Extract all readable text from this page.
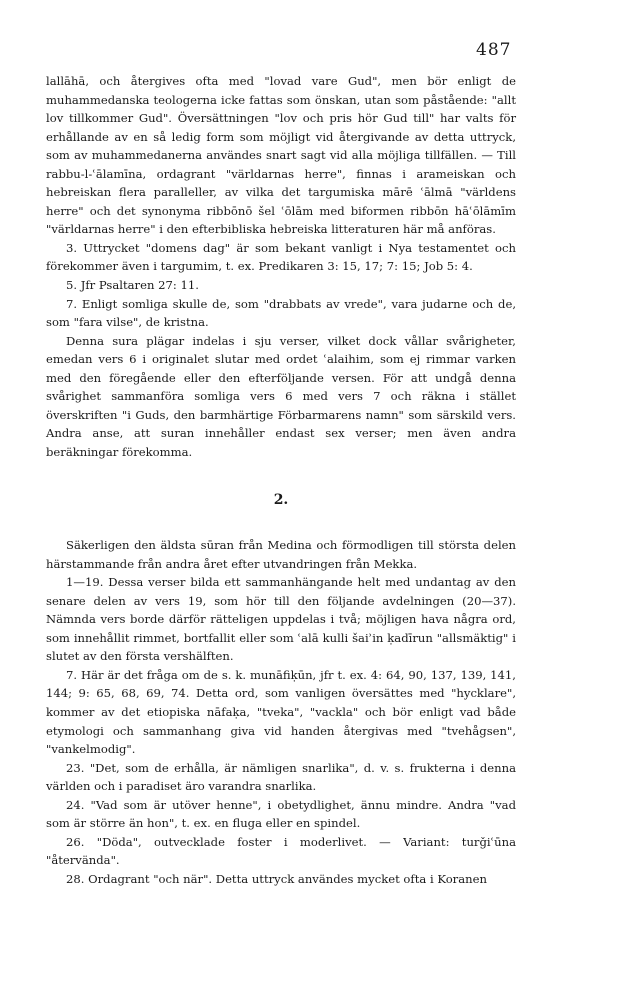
487

lallāhā, och återgives ofta med "lovad vare Gud", men bör enligt de muhammedanska teologerna icke fattas som önskan, utan som påstående: "allt lov tillkommer Gud". Översättningen "lov och pris hör Gud till" har valts för erhållande av en så ledig form som möjligt vid återgivande av detta uttryck, som av muhammedanerna användes snart sagt vid alla möjliga tillfällen. — Till rabbu-l-ʿālamīna, ordagrant "världarnas herre", finnas i arameiskan och hebreiskan flera paralleller, av vilka det targumiska mārē ʿālmā "världens herre" och det synonyma ribbōnō šel ʿōlām med biformen ribbōn hāʿōlāmīm "världarnas herre" i den efterbibliska hebreiska litteraturen här må anföras.

3. Uttrycket "domens dag" är som bekant vanligt i Nya testamentet och förekommer även i targumim, t. ex. Predikaren 3: 15, 17; 7: 15; Job 5: 4.

5. Jfr Psaltaren 27: 11.

7. Enligt somliga skulle de, som "drabbats av vrede", vara judarne och de, som "fara vilse", de kristna.

Denna sura plägar indelas i sju verser, vilket dock vållar svårigheter, emedan vers 6 i originalet slutar med ordet ʿalaihim, som ej rimmar varken med den föregående eller den efterföljande versen. För att undgå denna svårighet sammanföra somliga vers 6 med vers 7 och räkna i stället överskriften "i Guds, den barmhärtige Förbarmarens namn" som särskild vers. Andra anse, att suran innehåller endast sex verser; men även andra beräkningar förekomma.

2.

Säkerligen den äldsta sūran från Medina och förmodligen till största delen härstammande från andra året efter utvandringen från Mekka.

1—19. Dessa verser bilda ett sammanhängande helt med undantag av den senare delen av vers 19, som hör till den följande avdelningen (20—37). Nämnda vers borde därför rätteligen uppdelas i två; möjligen hava några ord, som innehållit rimmet, bortfallit eller som ʿalā kulli šaiʾin ḳadīrun "allsmäktig" i slutet av den första vershälften.

7. Här är det fråga om de s. k. munāfiḳūn, jfr t. ex. 4: 64, 90, 137, 139, 141, 144; 9: 65, 68, 69, 74. Detta ord, som vanligen översättes med "hycklare", kommer av det etiopiska nāfaḳa, "tveka", "vackla" och bör enligt vad både etymologi och sammanhang giva vid handen återgivas med "tvehågsen", "vankelmodig".

23. "Det, som de erhålla, är nämligen snarlika", d. v. s. frukterna i denna världen och i paradiset äro varandra snarlika.

24. "Vad som är utöver henne", i obetydlighet, ännu mindre. Andra "vad som är större än hon", t. ex. en fluga eller en spindel.

26. "Döda", outvecklade foster i moderlivet. — Variant: turǧiʿūna "återvända".

28. Ordagrant "och när". Detta uttryck användes mycket ofta i Koranen
